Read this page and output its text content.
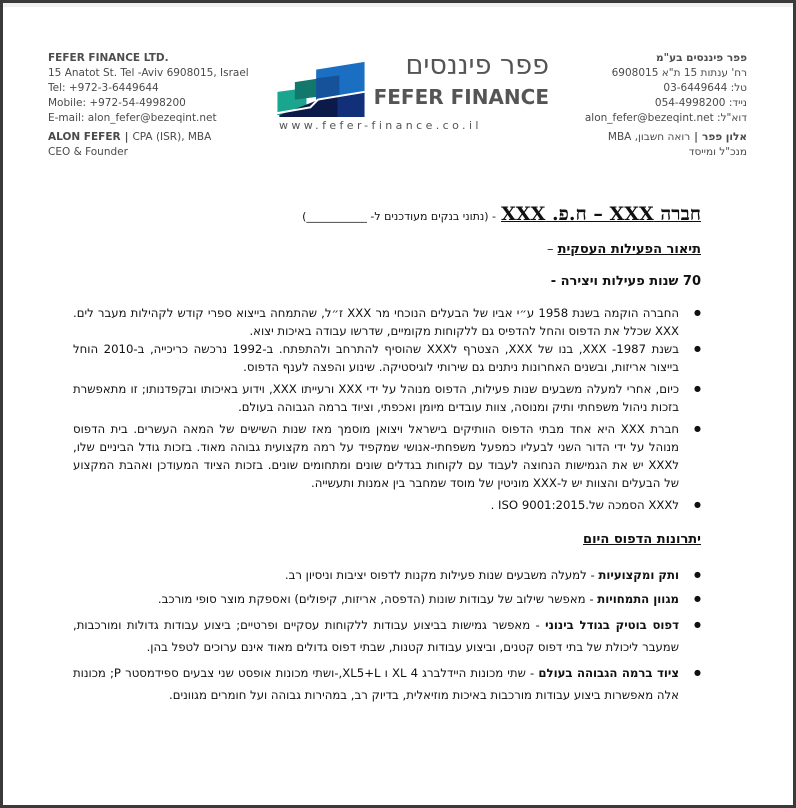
FEFER FINANCE LTD.
15 Anatot St. Tel -Aviv 6908015, Israel
Tel: +972-3-6449644
Mobile: +972-54-4998200
E-mail: alon_fefer@bezeqint.net
ALON FEFER | CPA (ISR), MBA
CEO & Founder
פפר פיננסים
FEFER FINANCE
www.fefer-finance.co.il
פפר פיננסים בע"מ
רח' ענתות 15 ת"א 6908015
טל: 03-6449644
נייד: 054-4998200
דוא"ל: alon_fefer@bezeqint.net
אלון פפר|רואה חשבון, MBA
מנכ"ל ומייסד
חברה XXX – ח.פ. XXX - (נתוני בנקים מעודכנים ל- ___________)
תיאור הפעילות העסקית –
70 שנות פעילות ויצירה -
● החברה הוקמה בשנת 1958 ע״י אביו של הבעלים הנוכחי מר XXX ז״ל, שהתמחה בייצוא ספרי קודש לקהילות מעבר לים. XXX שכלל את הדפוס והחל להדפיס גם ללקוחות מקומיים, שדרשו עבודה באיכות יצוא.
● בשנת 1987- XXX, בנו של XXX, הצטרף לXXX שהוסיף להתרחב ולהתפתח. ב-1992 נרכשה כריכייה, ב-2010 הוחל בייצור אריזות, ובשנים האחרונות ניתנים גם שירותי לוגיסטיקה. שינוע והפצה לענף הדפוס.
● כיום, אחרי למעלה משבעים שנות פעילות, הדפוס מנוהל על ידי XXX ורעייתו XXX, וידוע באיכותו ובקפדנותו; זו מתאפשרת בזכות ניהול משפחתי ותיק ומנוסה, צוות עובדים מיומן ואכפתי, וציוד ברמה הגבוהה בעולם.
● חברת XXX היא אחד מבתי הדפוס הוותיקים בישראל ויצואן מוסמך מאז שנות השישים של המאה העשרים. בית הדפוס מנוהל על ידי הדור השני לבעליו כמפעל משפחתי-אנושי שמקפיד על רמה מקצועית גבוהה מאוד. בזכות גודל הביניים שלו, לXXX יש את הגמישות הנחוצה לעבוד עם לקוחות בגדלים שונים ומתחומים שונים. בזכות הציוד המעודכן ואהבת המקצוע של הבעלים והצוות יש ל-XXX מוניטין של מוסד שמחבר בין אמנות ותעשייה.
● לXXX הסמכה של.ISO 9001:2015 .
יתרונות הדפוס היום
● ותק ומקצועיות - למעלה משבעים שנות פעילות מקנות לדפוס יציבות וניסיון רב.
● מגוון התמחויות - מאפשר שילוב של עבודות שונות (הדפסה, אריזות, קיפולים) ואספקת מוצר סופי מורכב.
● דפוס בוטיק בגודל בינוני - מאפשר גמישות בביצוע עבודות ללקוחות עסקיים ופרטיים; ביצוע עבודות גדולות ומורכבות, שמעבר ליכולת של בתי דפוס קטנים, וביצוע עבודות קטנות, שבתי דפוס גדולים מאוד אינם ערוכים לטפל בהן.
● ציוד ברמה הגבוהה בעולם - שתי מכונות היידלברג XL 4 ו XL5+L,-ושתי מכונות אופסט שני צבעים ספידמסטר P; מכונות אלה מאפשרות ביצוע עבודות מורכבות באיכות מוזיאלית, בדיוק רב, במהירות גבוהה ועל חומרים מגוונים.
